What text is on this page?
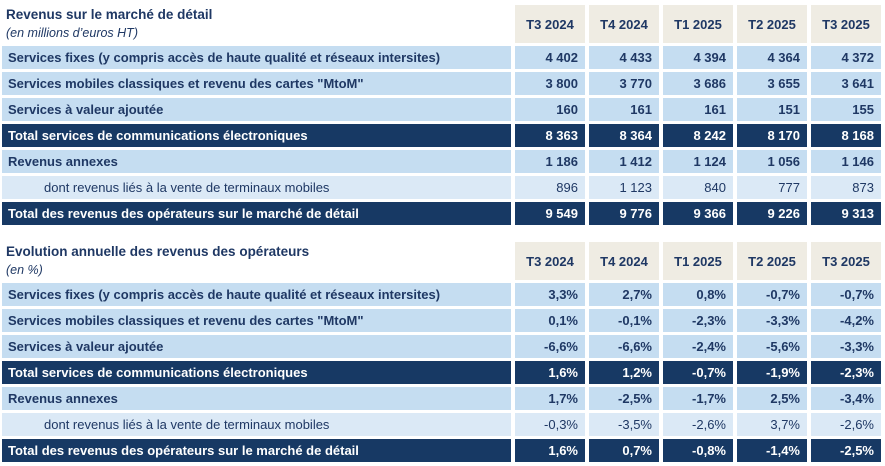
Revenus sur le marché de détail
(en millions d’euros HT)
T3 2024	T4 2024	T1 2025	T2 2025	T3 2025
Services fixes (y compris accès de haute qualité et réseaux intersites)	4 402	4 433	4 394	4 364	4 372
Services mobiles classiques et revenu des cartes "MtoM"	3 800	3 770	3 686	3 655	3 641
Services à valeur ajoutée	160	161	161	151	155
Total services de communications électroniques	8 363	8 364	8 242	8 170	8 168
Revenus annexes	1 186	1 412	1 124	1 056	1 146
dont revenus liés à la vente de terminaux mobiles	896	1 123	840	777	873
Total des revenus des opérateurs sur le marché de détail	9 549	9 776	9 366	9 226	9 313
Evolution annuelle des revenus des opérateurs
(en %)
T3 2024	T4 2024	T1 2025	T2 2025	T3 2025
Services fixes (y compris accès de haute qualité et réseaux intersites)	3,3%	2,7%	0,8%	-0,7%	-0,7%
Services mobiles classiques et revenu des cartes "MtoM"	0,1%	-0,1%	-2,3%	-3,3%	-4,2%
Services à valeur ajoutée	-6,6%	-6,6%	-2,4%	-5,6%	-3,3%
Total services de communications électroniques	1,6%	1,2%	-0,7%	-1,9%	-2,3%
Revenus annexes	1,7%	-2,5%	-1,7%	2,5%	-3,4%
dont revenus liés à la vente de terminaux mobiles	-0,3%	-3,5%	-2,6%	3,7%	-2,6%
Total des revenus des opérateurs sur le marché de détail	1,6%	0,7%	-0,8%	-1,4%	-2,5%
